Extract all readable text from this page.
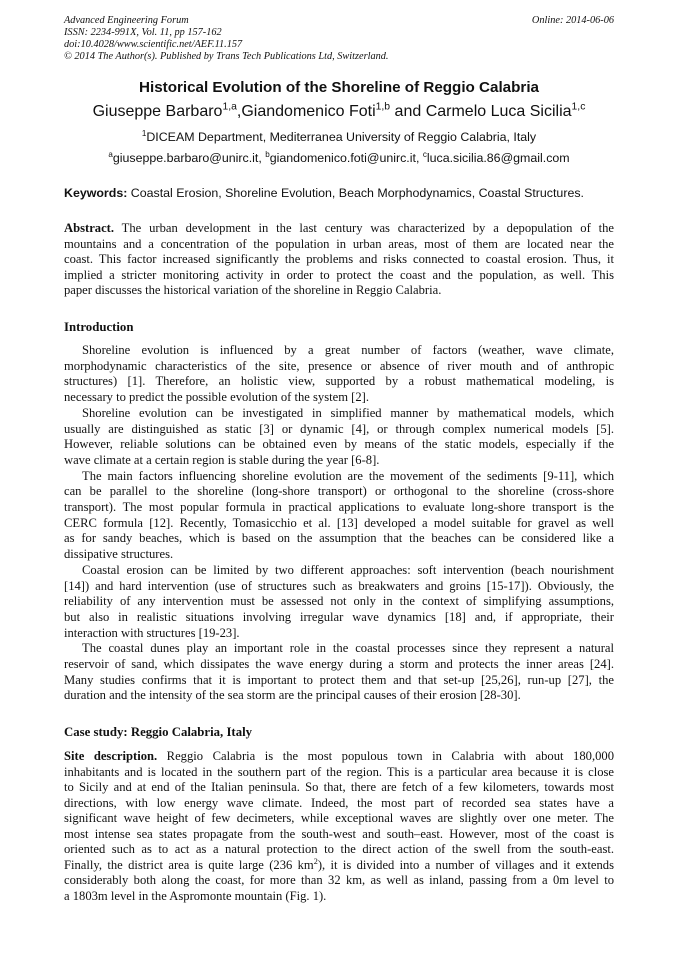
Advanced Engineering Forum
ISSN: 2234-991X, Vol. 11, pp 157-162
doi:10.4028/www.scientific.net/AEF.11.157
© 2014 The Author(s). Published by Trans Tech Publications Ltd, Switzerland.
Online: 2014-06-06
Historical Evolution of the Shoreline of Reggio Calabria
Giuseppe Barbaro$^{1,a}$,Giandomenico Foti$^{1,b}$ and Carmelo Luca Sicilia$^{1,c}$
$^1$DICEAM Department, Mediterranea University of Reggio Calabria, Italy
$^a$giuseppe.barbaro@unirc.it, $^b$giandomenico.foti@unirc.it, $^c$luca.sicilia.86@gmail.com
Keywords: Coastal Erosion, Shoreline Evolution, Beach Morphodynamics, Coastal Structures.
Abstract. The urban development in the last century was characterized by a depopulation of the
mountains and a concentration of the population in urban areas, most of them are located near the
coast. This factor increased significantly the problems and risks connected to coastal erosion. Thus, it
implied a stricter monitoring activity in order to protect the coast and the population, as well. This
paper discusses the historical variation of the shoreline in Reggio Calabria.
Introduction
Shoreline evolution is influenced by a great number of factors (weather, wave climate,
morphodynamic characteristics of the site, presence or absence of river mouth and of anthropic
structures) [1]. Therefore, an holistic view, supported by a robust mathematical modeling, is
necessary to predict the possible evolution of the system [2].
Shoreline evolution can be investigated in simplified manner by mathematical models, which
usually are distinguished as static [3] or dynamic [4], or through complex numerical models [5].
However, reliable solutions can be obtained even by means of the static models, especially if the
wave climate at a certain region is stable during the year [6-8].
The main factors influencing shoreline evolution are the movement of the sediments [9-11], which
can be parallel to the shoreline (long-shore transport) or orthogonal to the shoreline (cross-shore
transport). The most popular formula in practical applications to evaluate long-shore transport is the
CERC formula [12]. Recently, Tomasicchio et al. [13] developed a model suitable for gravel as well
as for sandy beaches, which is based on the assumption that the beaches can be considered like a
dissipative structures.
Coastal erosion can be limited by two different approaches: soft intervention (beach nourishment
[14]) and hard intervention (use of structures such as breakwaters and groins [15-17]). Obviously, the
reliability of any intervention must be assessed not only in the context of simplifying assumptions,
but also in realistic situations involving irregular wave dynamics [18] and, if appropriate, their
interaction with structures [19-23].
The coastal dunes play an important role in the coastal processes since they represent a natural
reservoir of sand, which dissipates the wave energy during a storm and protects the inner areas [24].
Many studies confirms that it is important to protect them and that set-up [25,26], run-up [27], the
duration and the intensity of the sea storm are the principal causes of their erosion [28-30].
Case study: Reggio Calabria, Italy
Site description. Reggio Calabria is the most populous town in Calabria with about 180,000
inhabitants and is located in the southern part of the region. This is a particular area because it is close
to Sicily and at end of the Italian peninsula. So that, there are fetch of a few kilometers, towards most
directions, with low energy wave climate. Indeed, the most part of recorded sea states have a
significant wave height of few decimeters, while exceptional waves are slightly over one meter. The
most intense sea states propagate from the south-west and south–east. However, most of the coast is
oriented such as to act as a natural protection to the direct action of the swell from the south-east.
Finally, the district area is quite large (236 $km^2$), it is divided into a number of villages and it extends
considerably both along the coast, for more than 32 km, as well as inland, passing from a 0m level to
a 1803m level in the Aspromonte mountain (Fig. 1).
